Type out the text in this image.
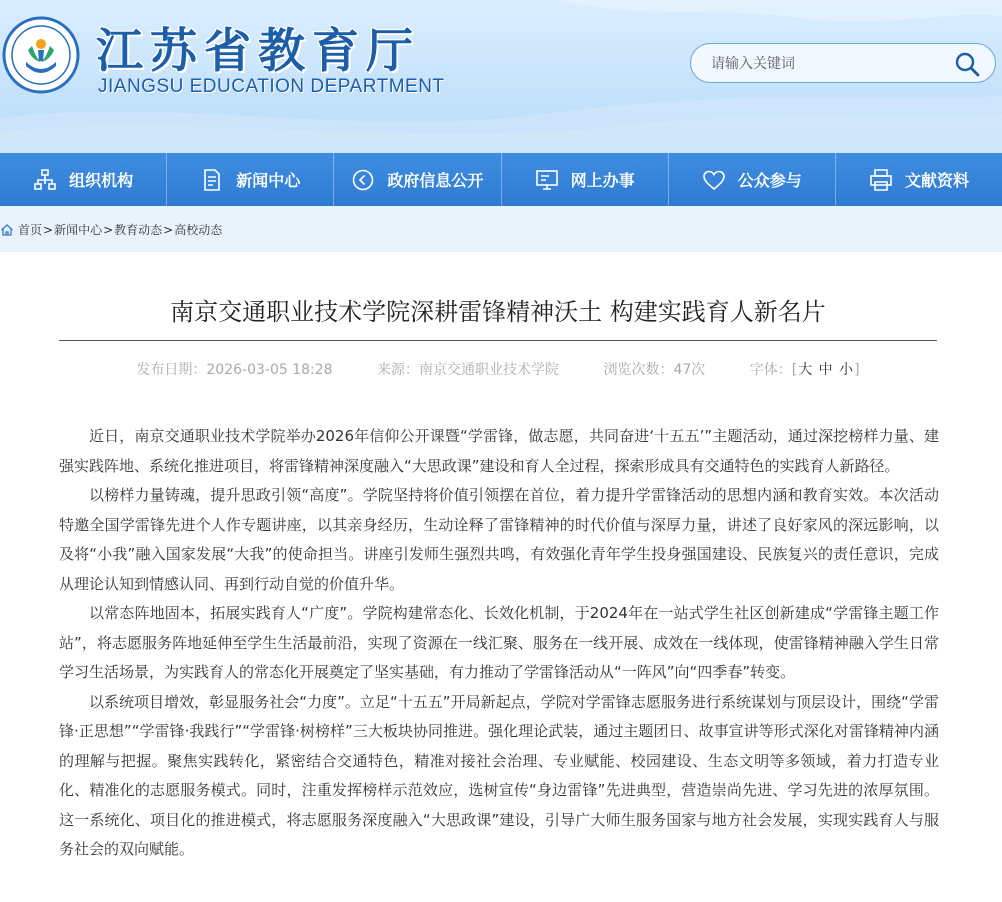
江苏省教育厅
JIANGSU EDUCATION DEPARTMENT
请输入关键词
组织机构	新闻中心	政府信息公开	网上办事	公众参与	文献资料
首页 > 新闻中心 > 教育动态 > 高校动态
南京交通职业技术学院深耕雷锋精神沃土 构建实践育人新名片
发布日期：2026-03-05 18:28	来源：南京交通职业技术学院	浏览次数：47次	字体：[大 中 小]

近日，南京交通职业技术学院举办2026年信仰公开课暨“学雷锋，做志愿，共同奋进‘十五五’”主题活动，通过深挖榜样力量、建强实践阵地、系统化推进项目，将雷锋精神深度融入“大思政课”建设和育人全过程，探索形成具有交通特色的实践育人新路径。

以榜样力量铸魂，提升思政引领“高度”。学院坚持将价值引领摆在首位，着力提升学雷锋活动的思想内涵和教育实效。本次活动特邀全国学雷锋先进个人作专题讲座，以其亲身经历，生动诠释了雷锋精神的时代价值与深厚力量，讲述了良好家风的深远影响，以及将“小我”融入国家发展“大我”的使命担当。讲座引发师生强烈共鸣，有效强化青年学生投身强国建设、民族复兴的责任意识，完成从理论认知到情感认同、再到行动自觉的价值升华。

以常态阵地固本，拓展实践育人“广度”。学院构建常态化、长效化机制，于2024年在一站式学生社区创新建成“学雷锋主题工作站”，将志愿服务阵地延伸至学生生活最前沿，实现了资源在一线汇聚、服务在一线开展、成效在一线体现，使雷锋精神融入学生日常学习生活场景，为实践育人的常态化开展奠定了坚实基础，有力推动了学雷锋活动从“一阵风”向“四季春”转变。

以系统项目增效，彰显服务社会“力度”。立足“十五五”开局新起点，学院对学雷锋志愿服务进行系统谋划与顶层设计，围绕“学雷锋·正思想”“学雷锋·我践行”“学雷锋·树榜样”三大板块协同推进。强化理论武装，通过主题团日、故事宣讲等形式深化对雷锋精神内涵的理解与把握。聚焦实践转化，紧密结合交通特色，精准对接社会治理、专业赋能、校园建设、生态文明等多领域，着力打造专业化、精准化的志愿服务模式。同时，注重发挥榜样示范效应，选树宣传“身边雷锋”先进典型，营造崇尚先进、学习先进的浓厚氛围。这一系统化、项目化的推进模式，将志愿服务深度融入“大思政课”建设，引导广大师生服务国家与地方社会发展，实现实践育人与服务社会的双向赋能。
